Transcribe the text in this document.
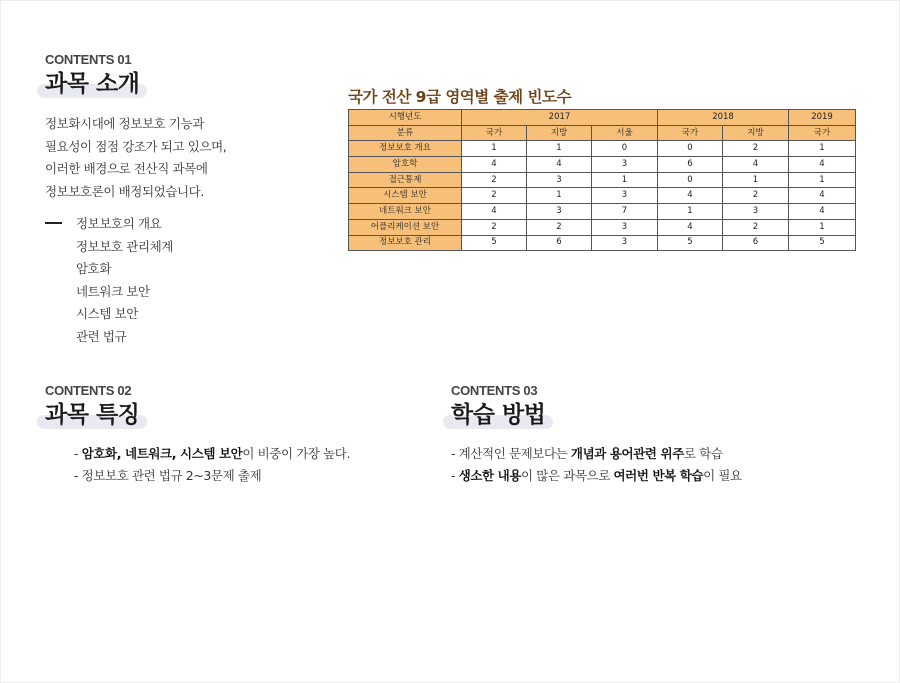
CONTENTS 01
과목 소개

정보화시대에 정보보호 기능과

필요성이 점점 강조가 되고 있으며,

이러한 배경으로 전산직 과목에

정보보호론이 배정되었습니다.

정보보호의 개요
정보보호 관리체계
암호화
네트워크 보안
시스템 보안
관련 법규
국가 전산 9급 영역별 출제 빈도수
시행년도	2017			2018		2019
분류	국가	지방	서울	국가	지방	국가
정보보호 개요	1	1	0	0	2	1
암호학	4	4	3	6	4	4
접근통제	2	3	1	0	1	1
시스템 보안	2	1	3	4	2	4
네트워크 보안	4	3	7	1	3	4
어플리케이션 보안	2	2	3	4	2	1
정보보호 관리	5	6	3	5	6	5
CONTENTS 02
과목 특징
- 암호화, 네트워크, 시스템 보안이 비중이 가장 높다.
- 정보보호 관련 법규 2~3문제 출제
CONTENTS 03
학습 방법
- 계산적인 문제보다는 개념과 용어관련 위주로 학습
- 생소한 내용이 많은 과목으로 여러번 반복 학습이 필요
